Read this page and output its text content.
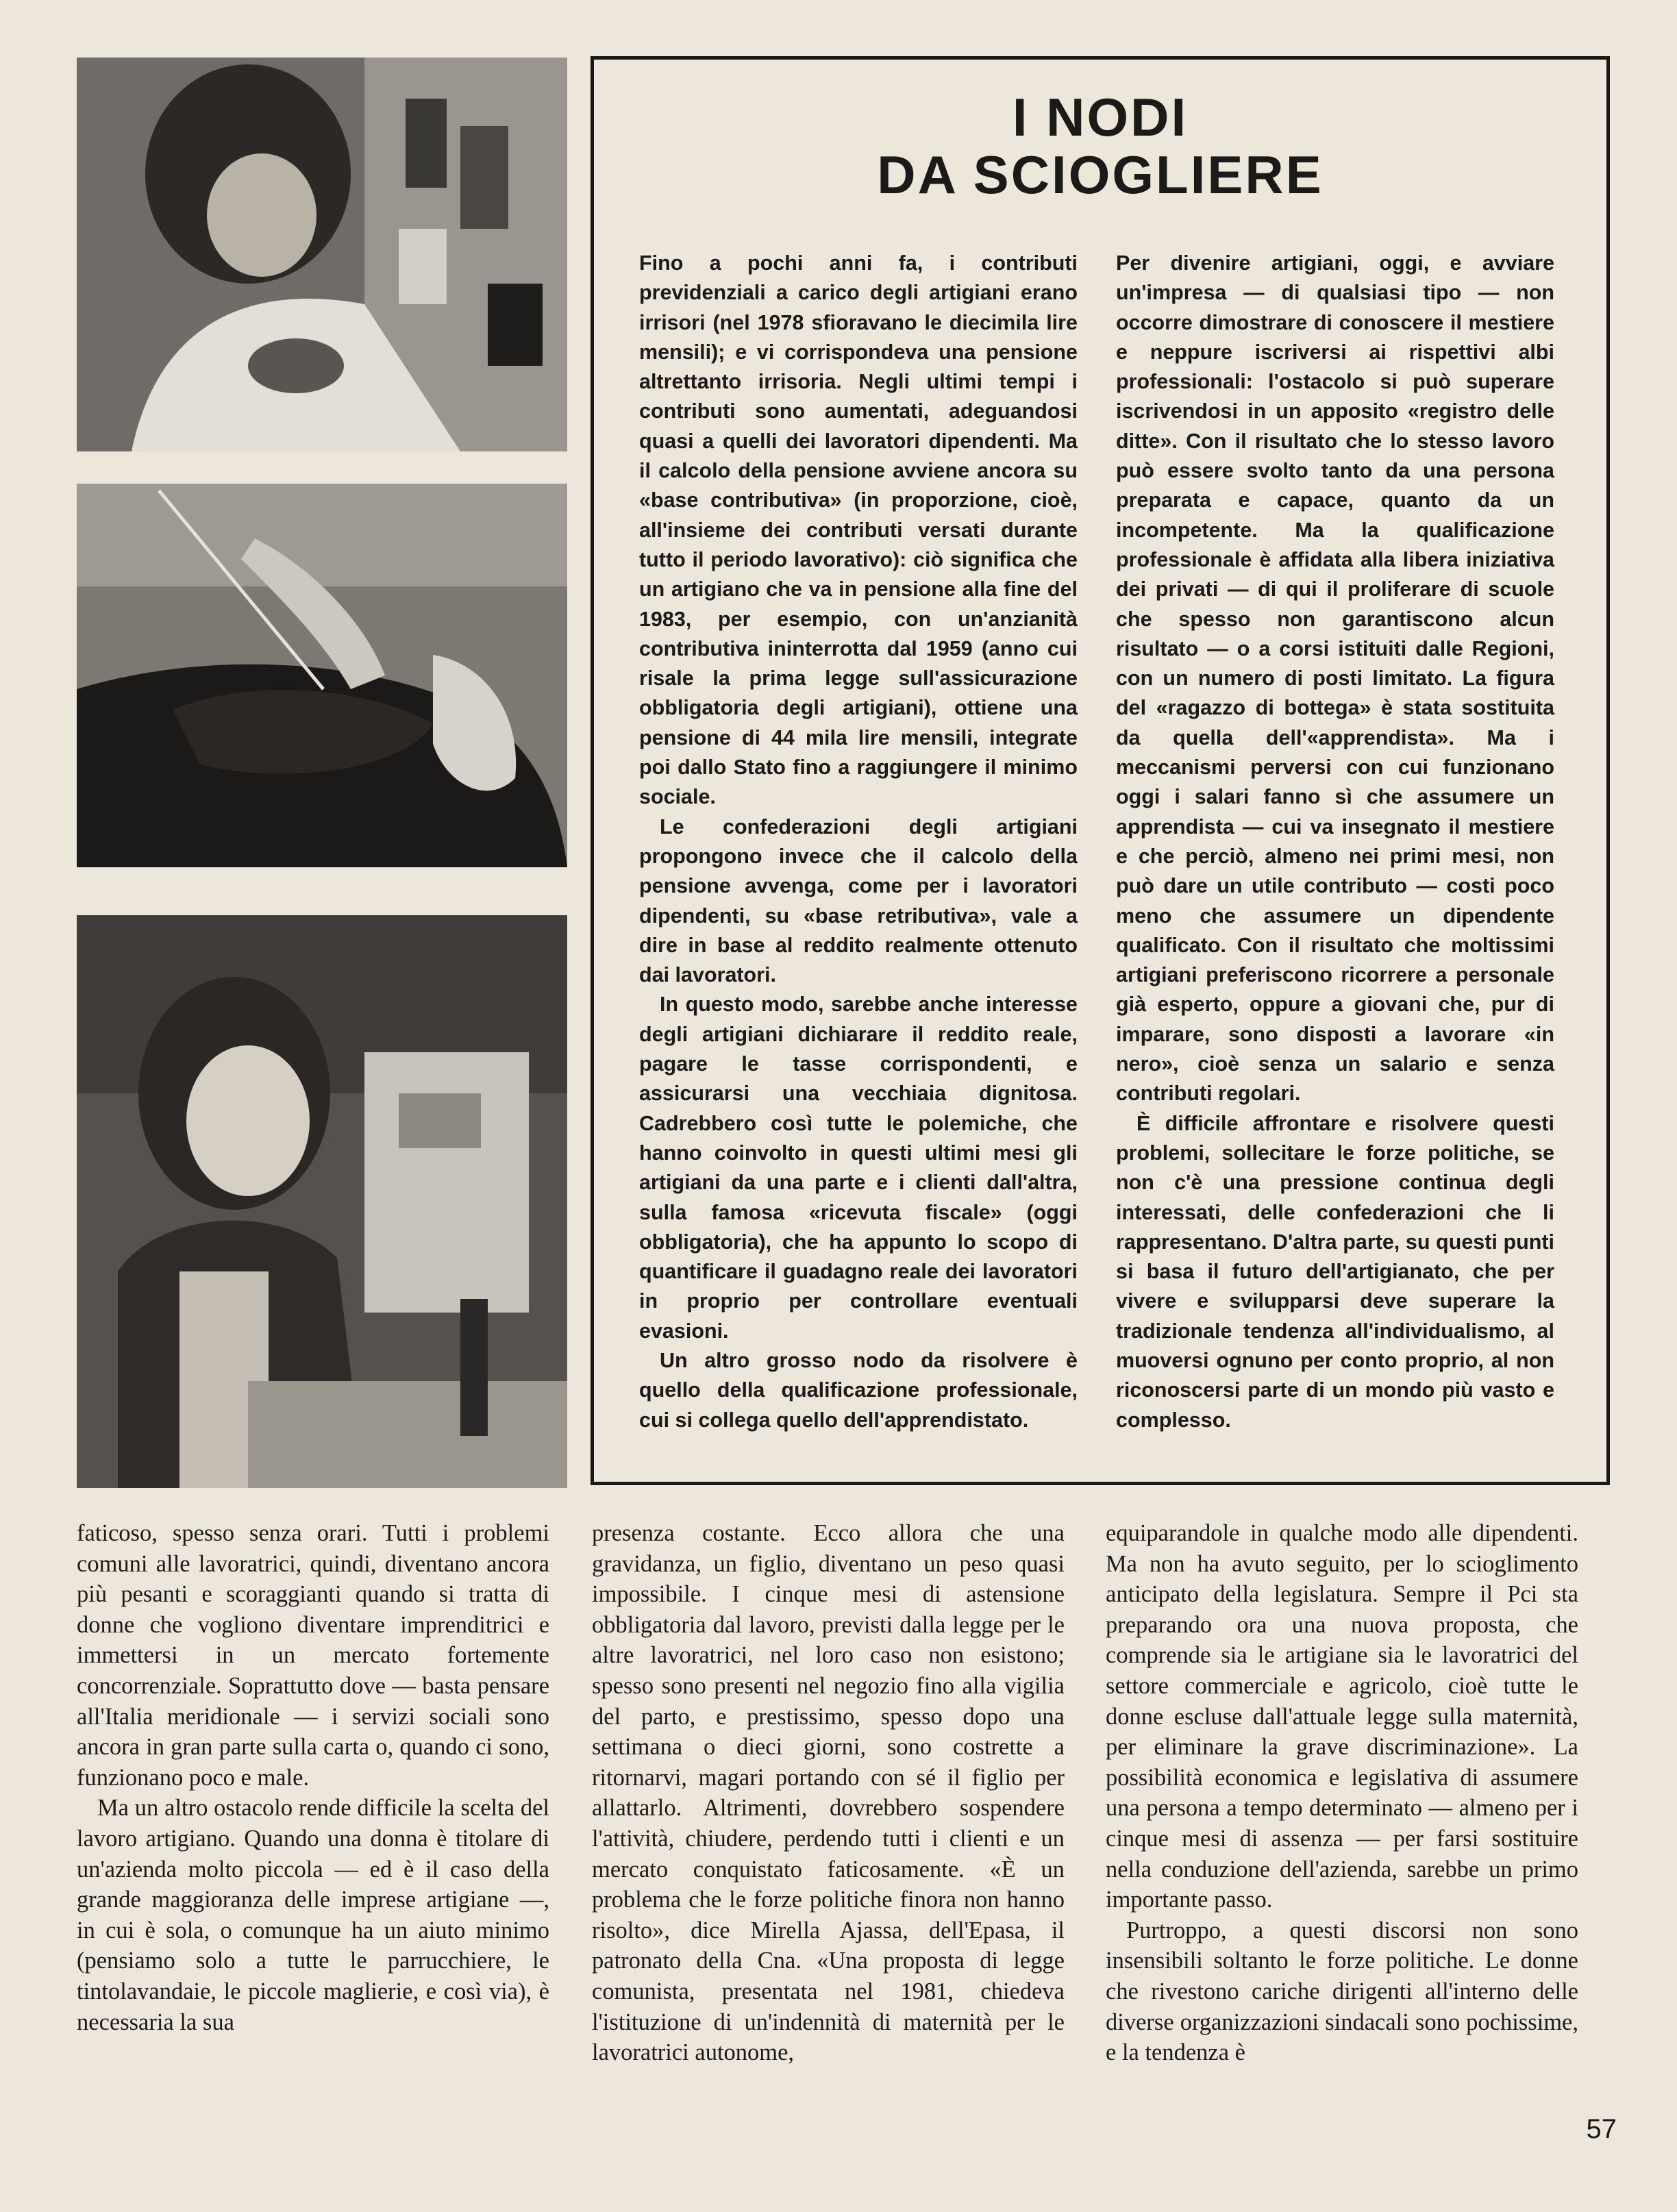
I NODI
DA SCIOGLIERE

Fino a pochi anni fa, i contributi previdenziali a carico degli artigiani erano irrisori (nel 1978 sfioravano le diecimila lire mensili); e vi corrispondeva una pensione altrettanto irrisoria. Negli ultimi tempi i contributi sono aumentati, adeguandosi quasi a quelli dei lavoratori dipendenti. Ma il calcolo della pensione avviene ancora su «base contributiva» (in proporzione, cioè, all'insieme dei contributi versati durante tutto il periodo lavorativo): ciò significa che un artigiano che va in pensione alla fine del 1983, per esempio, con un'anzianità contributiva ininterrotta dal 1959 (anno cui risale la prima legge sull'assicurazione obbligatoria degli artigiani), ottiene una pensione di 44 mila lire mensili, integrate poi dallo Stato fino a raggiungere il minimo sociale.

Le confederazioni degli artigiani propongono invece che il calcolo della pensione avvenga, come per i lavoratori dipendenti, su «base retributiva», vale a dire in base al reddito realmente ottenuto dai lavoratori.

In questo modo, sarebbe anche interesse degli artigiani dichiarare il reddito reale, pagare le tasse corrispondenti, e assicurarsi una vecchiaia dignitosa. Cadrebbero così tutte le polemiche, che hanno coinvolto in questi ultimi mesi gli artigiani da una parte e i clienti dall'altra, sulla famosa «ricevuta fiscale» (oggi obbligatoria), che ha appunto lo scopo di quantificare il guadagno reale dei lavoratori in proprio per controllare eventuali evasioni.

Un altro grosso nodo da risolvere è quello della qualificazione professionale, cui si collega quello dell'apprendistato.

Per divenire artigiani, oggi, e avviare un'impresa — di qualsiasi tipo — non occorre dimostrare di conoscere il mestiere e neppure iscriversi ai rispettivi albi professionali: l'ostacolo si può superare iscrivendosi in un apposito «registro delle ditte». Con il risultato che lo stesso lavoro può essere svolto tanto da una persona preparata e capace, quanto da un incompetente. Ma la qualificazione professionale è affidata alla libera iniziativa dei privati — di qui il proliferare di scuole che spesso non garantiscono alcun risultato — o a corsi istituiti dalle Regioni, con un numero di posti limitato. La figura del «ragazzo di bottega» è stata sostituita da quella dell'«apprendista». Ma i meccanismi perversi con cui funzionano oggi i salari fanno sì che assumere un apprendista — cui va insegnato il mestiere e che perciò, almeno nei primi mesi, non può dare un utile contributo — costi poco meno che assumere un dipendente qualificato. Con il risultato che moltissimi artigiani preferiscono ricorrere a personale già esperto, oppure a giovani che, pur di imparare, sono disposti a lavorare «in nero», cioè senza un salario e senza contributi regolari.

È difficile affrontare e risolvere questi problemi, sollecitare le forze politiche, se non c'è una pressione continua degli interessati, delle confederazioni che li rappresentano. D'altra parte, su questi punti si basa il futuro dell'artigianato, che per vivere e svilupparsi deve superare la tradizionale tendenza all'individualismo, al muoversi ognuno per conto proprio, al non riconoscersi parte di un mondo più vasto e complesso.

faticoso, spesso senza orari. Tutti i problemi comuni alle lavoratrici, quindi, diventano ancora più pesanti e scoraggianti quando si tratta di donne che vogliono diventare imprenditrici e immettersi in un mercato fortemente concorrenziale. Soprattutto dove — basta pensare all'Italia meridionale — i servizi sociali sono ancora in gran parte sulla carta o, quando ci sono, funzionano poco e male.

Ma un altro ostacolo rende difficile la scelta del lavoro artigiano. Quando una donna è titolare di un'azienda molto piccola — ed è il caso della grande maggioranza delle imprese artigiane —, in cui è sola, o comunque ha un aiuto minimo (pensiamo solo a tutte le parrucchiere, le tintolavandaie, le piccole maglierie, e così via), è necessaria la sua

presenza costante. Ecco allora che una gravidanza, un figlio, diventano un peso quasi impossibile. I cinque mesi di astensione obbligatoria dal lavoro, previsti dalla legge per le altre lavoratrici, nel loro caso non esistono; spesso sono presenti nel negozio fino alla vigilia del parto, e prestissimo, spesso dopo una settimana o dieci giorni, sono costrette a ritornarvi, magari portando con sé il figlio per allattarlo. Altrimenti, dovrebbero sospendere l'attività, chiudere, perdendo tutti i clienti e un mercato conquistato faticosamente. «È un problema che le forze politiche finora non hanno risolto», dice Mirella Ajassa, dell'Epasa, il patronato della Cna. «Una proposta di legge comunista, presentata nel 1981, chiedeva l'istituzione di un'indennità di maternità per le lavoratrici autonome,

equiparandole in qualche modo alle dipendenti. Ma non ha avuto seguito, per lo scioglimento anticipato della legislatura. Sempre il Pci sta preparando ora una nuova proposta, che comprende sia le artigiane sia le lavoratrici del settore commerciale e agricolo, cioè tutte le donne escluse dall'attuale legge sulla maternità, per eliminare la grave discriminazione». La possibilità economica e legislativa di assumere una persona a tempo determinato — almeno per i cinque mesi di assenza — per farsi sostituire nella conduzione dell'azienda, sarebbe un primo importante passo.

Purtroppo, a questi discorsi non sono insensibili soltanto le forze politiche. Le donne che rivestono cariche dirigenti all'interno delle diverse organizzazioni sindacali sono pochissime, e la tendenza è

57
